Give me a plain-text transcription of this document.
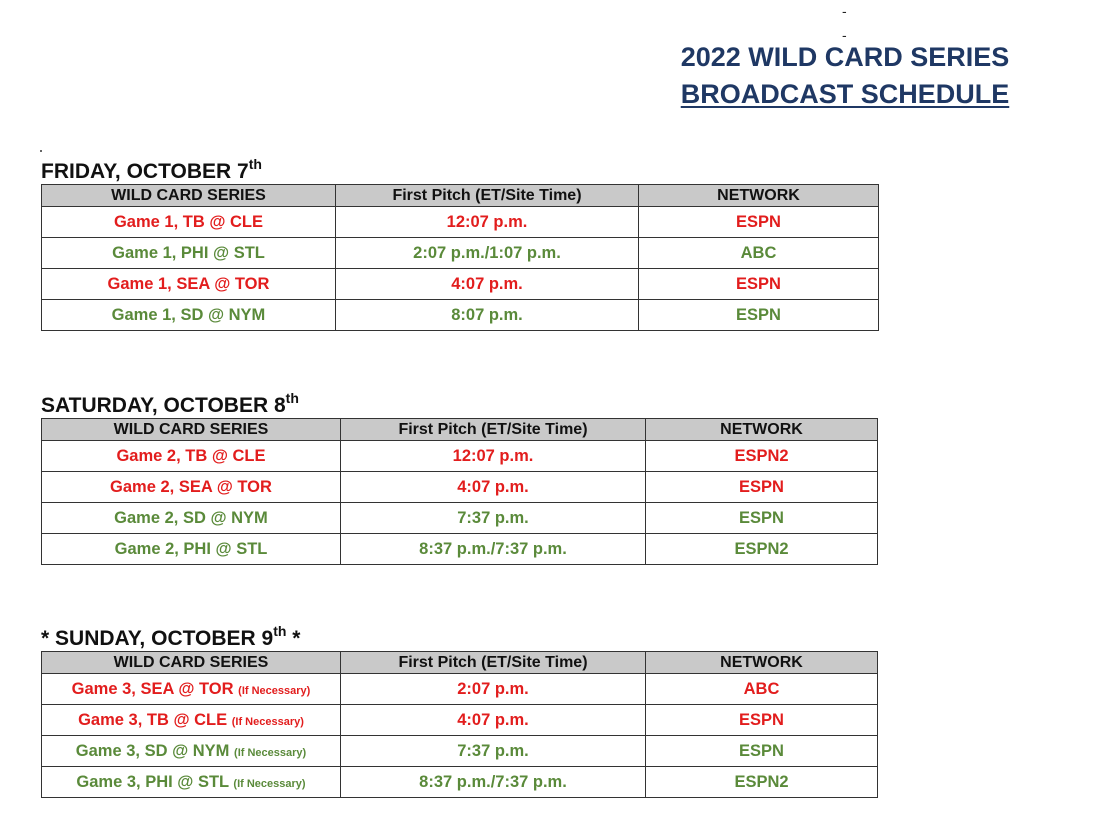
-
-
2022 WILD CARD SERIES
BROADCAST SCHEDULE
FRIDAY, OCTOBER 7th
WILD CARD SERIES	First Pitch (ET/Site Time)	NETWORK
Game 1, TB @ CLE	12:07 p.m.	ESPN
Game 1, PHI @ STL	2:07 p.m./1:07 p.m.	ABC
Game 1, SEA @ TOR	4:07 p.m.	ESPN
Game 1, SD @ NYM	8:07 p.m.	ESPN
SATURDAY, OCTOBER 8th
WILD CARD SERIES	First Pitch (ET/Site Time)	NETWORK
Game 2, TB @ CLE	12:07 p.m.	ESPN2
Game 2, SEA @ TOR	4:07 p.m.	ESPN
Game 2, SD @ NYM	7:37 p.m.	ESPN
Game 2, PHI @ STL	8:37 p.m./7:37 p.m.	ESPN2
* SUNDAY, OCTOBER 9th *
WILD CARD SERIES	First Pitch (ET/Site Time)	NETWORK
Game 3, SEA @ TOR (If Necessary)	2:07 p.m.	ABC
Game 3, TB @ CLE (If Necessary)	4:07 p.m.	ESPN
Game 3, SD @ NYM (If Necessary)	7:37 p.m.	ESPN
Game 3, PHI @ STL (If Necessary)	8:37 p.m./7:37 p.m.	ESPN2
